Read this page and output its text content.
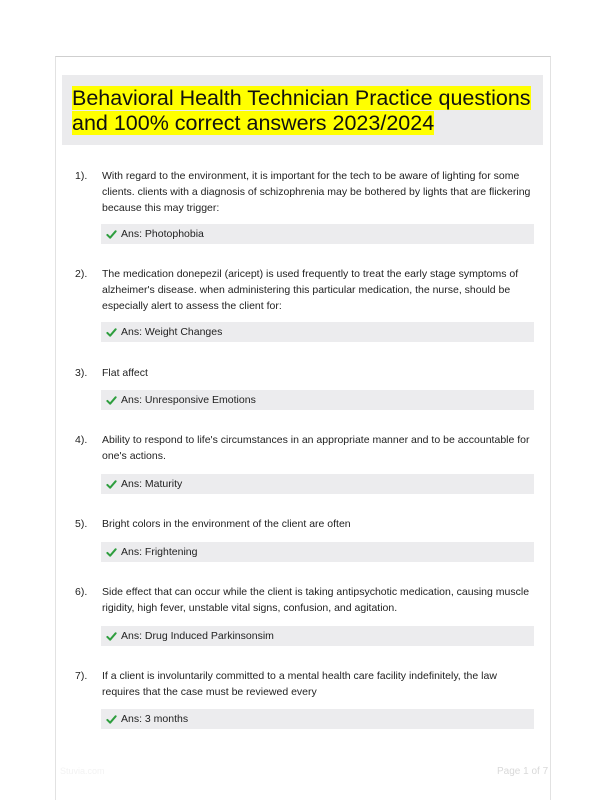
Behavioral Health Technician Practice questions
and 100% correct answers 2023/2024
1). With regard to the environment, it is important for the tech to be aware of lighting for some clients. clients with a diagnosis of schizophrenia may be bothered by lights that are flickering because this may trigger:
Ans: Photophobia
2). The medication donepezil (aricept) is used frequently to treat the early stage symptoms of alzheimer's disease. when administering this particular medication, the nurse, should be especially alert to assess the client for:
Ans: Weight Changes
3). Flat affect
Ans: Unresponsive Emotions
4). Ability to respond to life's circumstances in an appropriate manner and to be accountable for one's actions.
Ans: Maturity
5). Bright colors in the environment of the client are often
Ans: Frightening
6). Side effect that can occur while the client is taking antipsychotic medication, causing muscle rigidity, high fever, unstable vital signs, confusion, and agitation.
Ans: Drug Induced Parkinsonsim
7). If a client is involuntarily committed to a mental health care facility indefinitely, the law requires that the case must be reviewed every
Ans: 3 months
Stuvia.com	Page 1 of 7
